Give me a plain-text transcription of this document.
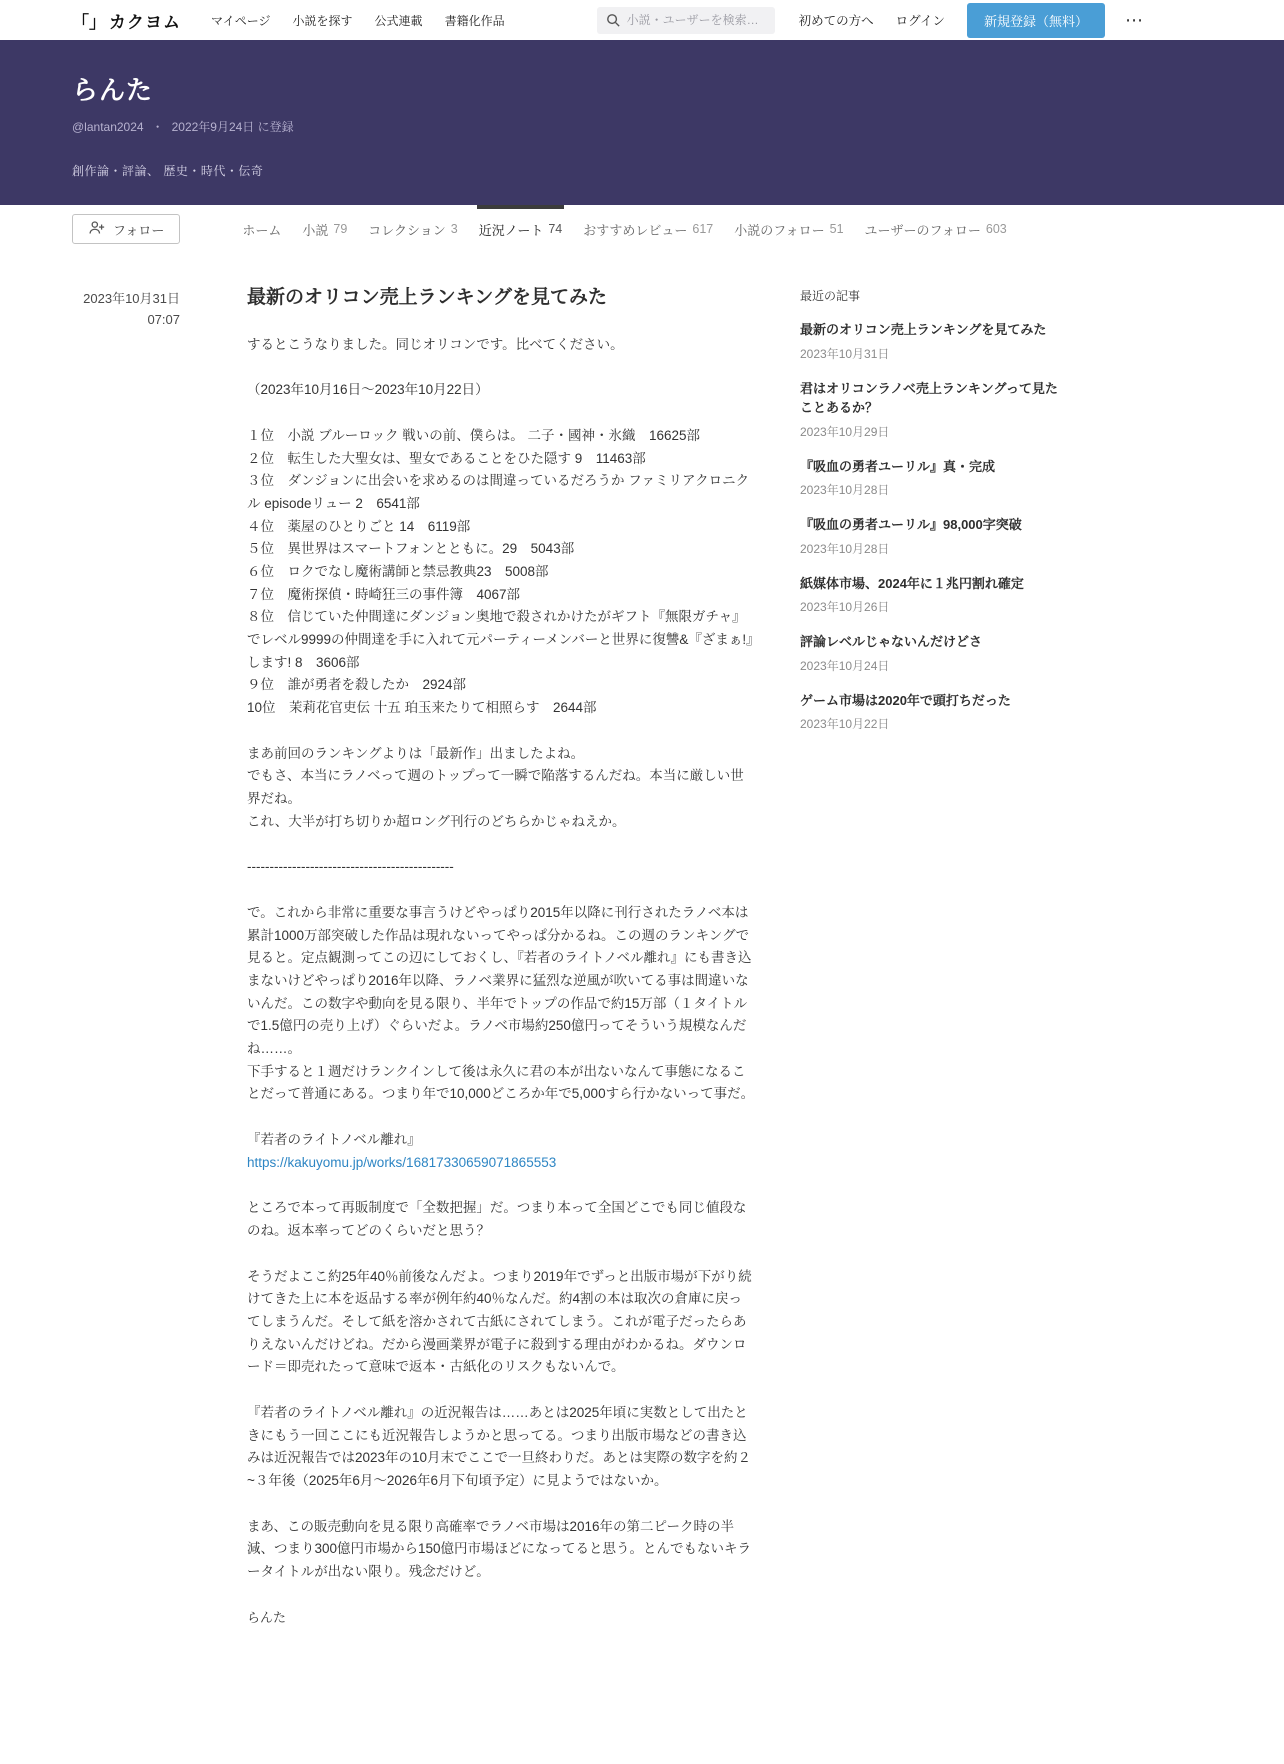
「」 カクヨム	マイページ 小説を探す 公式連載 書籍化作品
小説・ユーザーを検索…	初めての方へ ログイン	新規登録（無料）	⋯
らんた
@lantan2024 ・ 2022年9月24日 に登録
創作論・評論、 歴史・時代・伝奇
フォロー	ホーム 小説 79 コレクション 3 近況ノート 74 おすすめレビュー 617 小説のフォロー 51 ユーザーのフォロー 603
2023年10月31日
07:07
最新のオリコン売上ランキングを見てみた
するとこうなりました。同じオリコンです。比べてください。
（2023年10月16日〜2023年10月22日）
１位　小説 ブルーロック 戦いの前、僕らは。 二子・國神・氷織　16625部
２位　転生した大聖女は、聖女であることをひた隠す 9　11463部
３位　ダンジョンに出会いを求めるのは間違っているだろうか ファミリアクロニクル episodeリュー 2　6541部
４位　薬屋のひとりごと 14　6119部
５位　異世界はスマートフォンとともに。29　5043部
６位　ロクでなし魔術講師と禁忌教典23　5008部
７位　魔術探偵・時崎狂三の事件簿　4067部
８位　信じていた仲間達にダンジョン奥地で殺されかけたがギフト『無限ガチャ』でレベル9999の仲間達を手に入れて元パーティーメンバーと世界に復讐&『ざまぁ!』します! 8　3606部
９位　誰が勇者を殺したか　2924部
10位　茉莉花官吏伝 十五 珀玉来たりて相照らす　2644部
まあ前回のランキングよりは「最新作」出ましたよね。
でもさ、本当にラノベって週のトップって一瞬で陥落するんだね。本当に厳しい世界だね。
これ、大半が打ち切りか超ロング刊行のどちらかじゃねえか。
----------------------------------------------
で。これから非常に重要な事言うけどやっぱり2015年以降に刊行されたラノベ本は累計1000万部突破した作品は現れないってやっぱ分かるね。この週のランキングで見ると。定点観測ってこの辺にしておくし、『若者のライトノベル離れ』にも書き込まないけどやっぱり2016年以降、ラノベ業界に猛烈な逆風が吹いてる事は間違いないんだ。この数字や動向を見る限り、半年でトップの作品で約15万部（１タイトルで1.5億円の売り上げ）ぐらいだよ。ラノベ市場約250億円ってそういう規模なんだね……。
下手すると１週だけランクインして後は永久に君の本が出ないなんて事態になることだって普通にある。つまり年で10,000どころか年で5,000すら行かないって事だ。
『若者のライトノベル離れ』
https://kakuyomu.jp/works/16817330659071865553
ところで本って再販制度で「全数把握」だ。つまり本って全国どこでも同じ値段なのね。返本率ってどのくらいだと思う？
そうだよここ約25年40％前後なんだよ。つまり2019年でずっと出版市場が下がり続けてきた上に本を返品する率が例年約40％なんだ。約4割の本は取次の倉庫に戻ってしまうんだ。そして紙を溶かされて古紙にされてしまう。これが電子だったらありえないんだけどね。だから漫画業界が電子に殺到する理由がわかるね。ダウンロード＝即売れたって意味で返本・古紙化のリスクもないんで。
『若者のライトノベル離れ』の近況報告は……あとは2025年頃に実数として出たときにもう一回ここにも近況報告しようかと思ってる。つまり出版市場などの書き込みは近況報告では2023年の10月末でここで一旦終わりだ。あとは実際の数字を約２~３年後（2025年6月〜2026年6月下旬頃予定）に見ようではないか。
まあ、この販売動向を見る限り高確率でラノベ市場は2016年の第二ピーク時の半減、つまり300億円市場から150億円市場ほどになってると思う。とんでもないキラータイトルが出ない限り。残念だけど。
らんた
最近の記事
最新のオリコン売上ランキングを見てみた
2023年10月31日
君はオリコンラノベ売上ランキングって見たことあるか？
2023年10月29日
『吸血の勇者ユーリル』真・完成
2023年10月28日
『吸血の勇者ユーリル』98,000字突破
2023年10月28日
紙媒体市場、2024年に１兆円割れ確定
2023年10月26日
評論レベルじゃないんだけどさ
2023年10月24日
ゲーム市場は2020年で頭打ちだった
2023年10月22日
